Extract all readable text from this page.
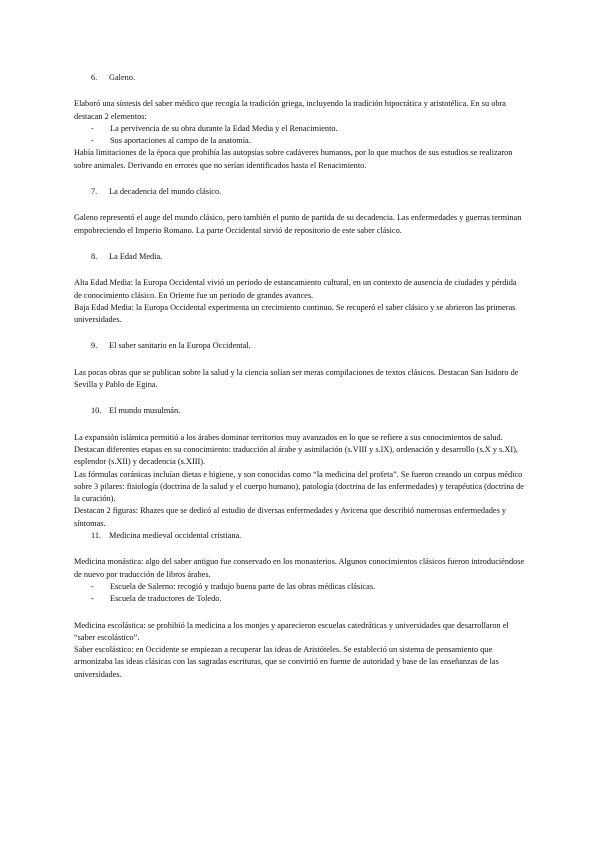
6. Galeno.

Elaboró una síntesis del saber médico que recogía la tradición griega, incluyendo la tradición hipocrática y aristotélica. En su obra destacan 2 elementos:

- La pervivencia de su obra durante la Edad Media y el Renacimiento.
- Sus aportaciones al campo de la anatomía.

Había limitaciones de la época que prohibía las autopsias sobre cadáveres humanos, por lo que muchos de sus estudios se realizaron sobre animales. Derivando en errores que no serían identificados hasta el Renacimiento.

7. La decadencia del mundo clásico.

Galeno representó el auge del mundo clásico, pero también el punto de partida de su decadencia. Las enfermedades y guerras terminan empobreciendo el Imperio Romano. La parte Occidental sirvió de repositorio de este saber clásico.

8. La Edad Media.

Alta Edad Media: la Europa Occidental vivió un periodo de estancamiento cultural, en un contexto de ausencia de ciudades y pérdida de conocimiento clásico. En Oriente fue un periodo de grandes avances.

Baja Edad Media: la Europa Occidental experimenta un crecimiento continuo. Se recuperó el saber clásico y se abrieron las primeras universidades.

9. El saber sanitario en la Europa Occidental.

Las pocas obras que se publican sobre la salud y la ciencia solían ser meras compilaciones de textos clásicos. Destacan San Isidoro de Sevilla y Pablo de Egina.

10. El mundo musulmán.

La expansión islámica permitió a los árabes dominar territorios muy avanzados en lo que se refiere a sus conocimientos de salud. Destacan diferentes etapas en su conocimiento: traducción al árabe y asimilación (s.VIII y s.IX), ordenación y desarrollo (s.X y s.XI), esplendor (s.XII) y decadencia (s.XIII).

Las fórmulas coránicas incluían dietas e higiene, y son conocidas como “la medicina del profeta”. Se fueron creando un corpus médico sobre 3 pilares: fisiología (doctrina de la salud y el cuerpo humano), patología (doctrina de las enfermedades) y terapéutica (doctrina de la curación).

Destacan 2 figuras: Rhazes que se dedicó al estudio de diversas enfermedades y Avicena que describió numerosas enfermedades y síntomas.

11. Medicina medieval occidental cristiana.

Medicina monástica: algo del saber antiguo fue conservado en los monasterios. Algunos conocimientos clásicos fueron introduciéndose de nuevo por traducción de libros árabes.

- Escuela de Salerno: recogió y tradujo buena parte de las obras médicas clásicas.
- Escuela de traductores de Toledo.

Medicina escolástica: se prohibió la medicina a los monjes y aparecieron escuelas catedráticas y universidades que desarrollaron el “saber escolástico”.

Saber escolástico: en Occidente se empiezan a recuperar las ideas de Aristóteles. Se estableció un sistema de pensamiento que armonizaba las ideas clásicas con las sagradas escrituras, que se convirtió en fuente de autoridad y base de las enseñanzas de las universidades.
